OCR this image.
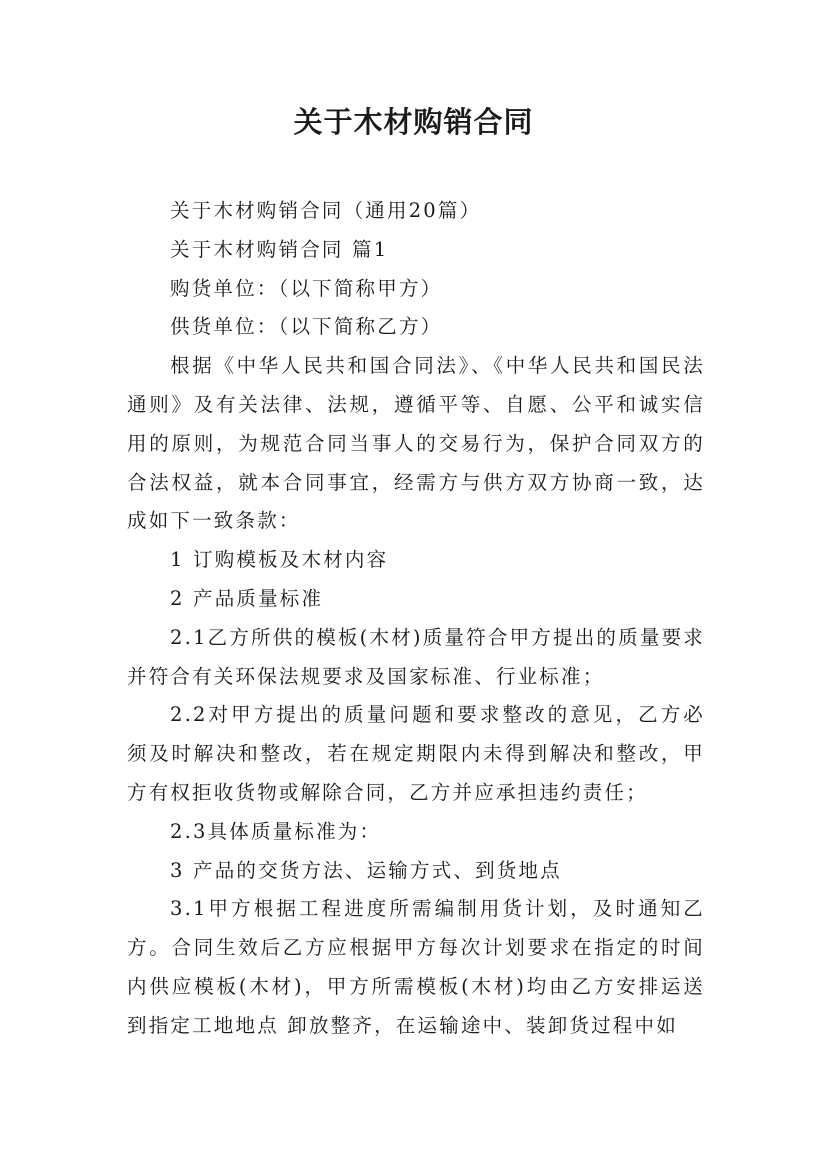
关于木材购销合同

关于木材购销合同（通用20篇）

关于木材购销合同 篇1

购货单位：（以下简称甲方）

供货单位：（以下简称乙方）

根据《中华人民共和国合同法》、《中华人民共和国民法通则》及有关法律、法规，遵循平等、自愿、公平和诚实信用的原则，为规范合同当事人的交易行为，保护合同双方的合法权益，就本合同事宜，经需方与供方双方协商一致，达成如下一致条款：

1 订购模板及木材内容

2 产品质量标准

2.1乙方所供的模板(木材)质量符合甲方提出的质量要求并符合有关环保法规要求及国家标准、行业标准；

2.2对甲方提出的质量问题和要求整改的意见，乙方必须及时解决和整改，若在规定期限内未得到解决和整改，甲方有权拒收货物或解除合同，乙方并应承担违约责任；

2.3具体质量标准为：

3 产品的交货方法、运输方式、到货地点

3.1甲方根据工程进度所需编制用货计划，及时通知乙方。合同生效后乙方应根据甲方每次计划要求在指定的时间内供应模板(木材)，甲方所需模板(木材)均由乙方安排运送到指定工地地点 卸放整齐，在运输途中、装卸货过程中如
